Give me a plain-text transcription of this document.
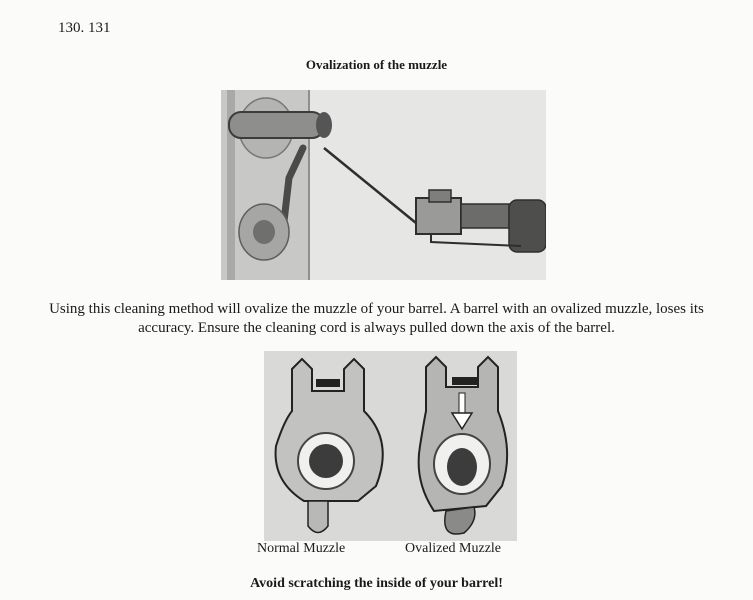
130. 131
Ovalization of the muzzle
Using this cleaning method will ovalize the muzzle of your barrel. A barrel with an ovalized muzzle, loses its accuracy. Ensure the cleaning cord is always pulled down the axis of the barrel.
Normal Muzzle	Ovalized Muzzle
Avoid scratching the inside of your barrel!
